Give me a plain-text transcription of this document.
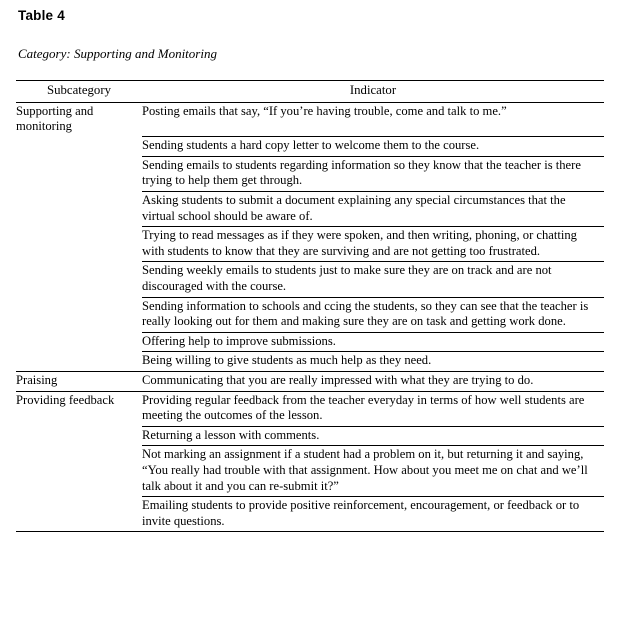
Table 4
Category: Supporting and Monitoring
Subcategory	Indicator
Supporting and monitoring	Posting emails that say, “If you’re having trouble, come and talk to me.”
	Sending students a hard copy letter to welcome them to the course.
	Sending emails to students regarding information so they know that the teacher is there trying to help them get through.
	Asking students to submit a document explaining any special circumstances that the virtual school should be aware of.
	Trying to read messages as if they were spoken, and then writing, phoning, or chatting with students to know that they are surviving and are not getting too frustrated.
	Sending weekly emails to students just to make sure they are on track and are not discouraged with the course.
	Sending information to schools and ccing the students, so they can see that the teacher is really looking out for them and making sure they are on task and getting work done.
	Offering help to improve submissions.
	Being willing to give students as much help as they need.
Praising	Communicating that you are really impressed with what they are trying to do.
Providing feedback	Providing regular feedback from the teacher everyday in terms of how well students are meeting the outcomes of the lesson.
	Returning a lesson with comments.
	Not marking an assignment if a student had a problem on it, but returning it and saying, “You really had trouble with that assignment. How about you meet me on chat and we’ll talk about it and you can re-submit it?”
	Emailing students to provide positive reinforcement, encouragement, or feedback or to invite questions.
